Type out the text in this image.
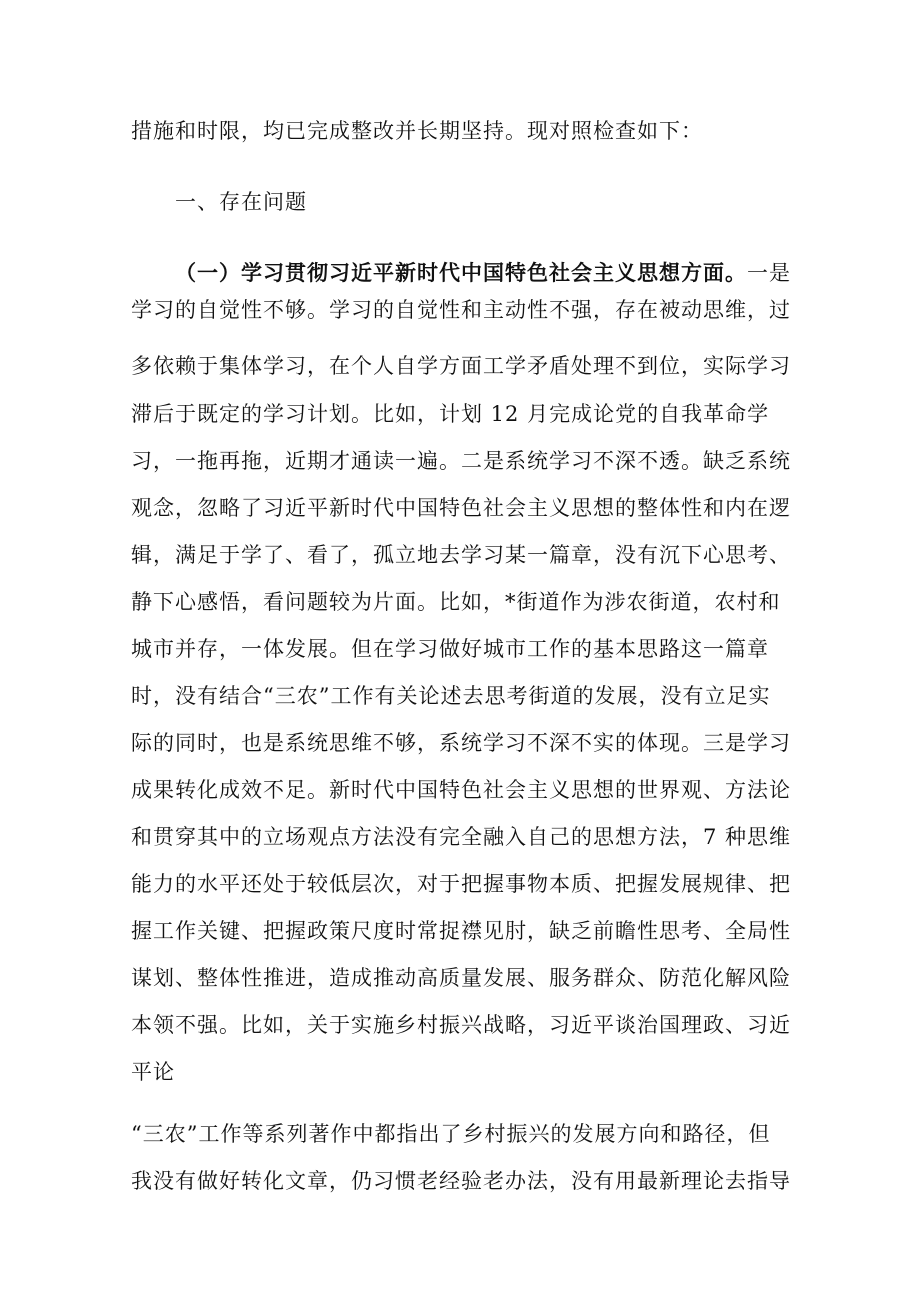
措施和时限，均已完成整改并长期坚持。现对照检查如下：
一、存在问题
（一）学习贯彻习近平新时代中国特色社会主义思想方面。一是
学习的自觉性不够。学习的自觉性和主动性不强，存在被动思维，过
多依赖于集体学习，在个人自学方面工学矛盾处理不到位，实际学习
滞后于既定的学习计划。比如，计划 12 月完成论党的自我革命学
习，一拖再拖，近期才通读一遍。二是系统学习不深不透。缺乏系统
观念，忽略了习近平新时代中国特色社会主义思想的整体性和内在逻
辑，满足于学了、看了，孤立地去学习某一篇章，没有沉下心思考、
静下心感悟，看问题较为片面。比如，*街道作为涉农街道，农村和
城市并存，一体发展。但在学习做好城市工作的基本思路这一篇章
时，没有结合“三农”工作有关论述去思考街道的发展，没有立足实
际的同时，也是系统思维不够，系统学习不深不实的体现。三是学习
成果转化成效不足。新时代中国特色社会主义思想的世界观、方法论
和贯穿其中的立场观点方法没有完全融入自己的思想方法，7 种思维
能力的水平还处于较低层次，对于把握事物本质、把握发展规律、把
握工作关键、把握政策尺度时常捉襟见肘，缺乏前瞻性思考、全局性
谋划、整体性推进，造成推动高质量发展、服务群众、防范化解风险
本领不强。比如，关于实施乡村振兴战略，习近平谈治国理政、习近
平论
“三农”工作等系列著作中都指出了乡村振兴的发展方向和路径，但
我没有做好转化文章，仍习惯老经验老办法，没有用最新理论去指导
